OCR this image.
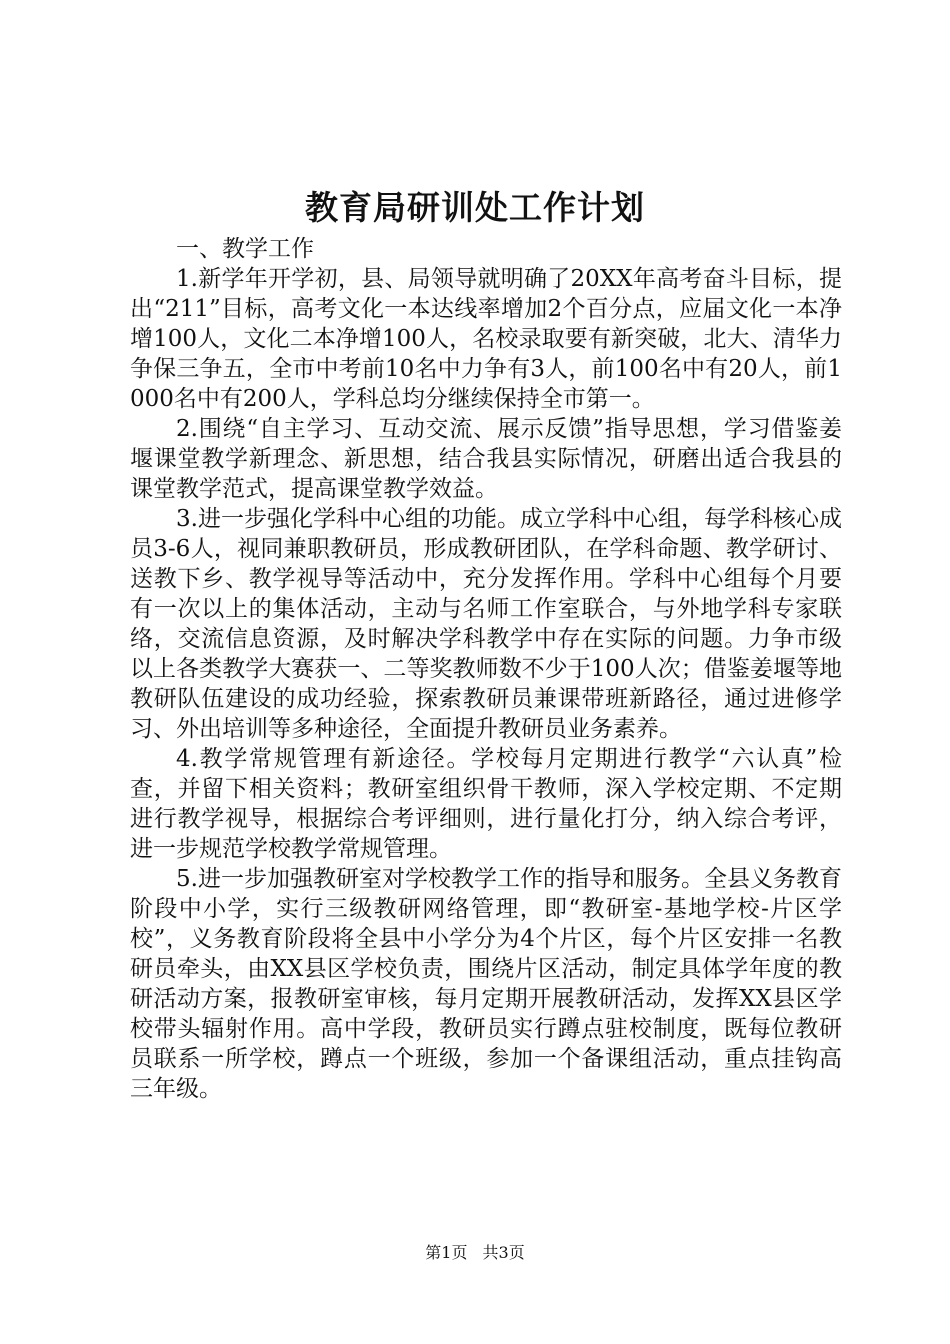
教育局研训处工作计划

一、教学工作

1.新学年开学初，县、局领导就明确了20XX年高考奋斗目标，提出“211”目标，高考文化一本达线率增加2个百分点，应届文化一本净增100人，文化二本净增100人，名校录取要有新突破，北大、清华力争保三争五，全市中考前10名中力争有3人，前100名中有20人，前1000名中有200人，学科总均分继续保持全市第一。

2.围绕“自主学习、互动交流、展示反馈”指导思想，学习借鉴姜堰课堂教学新理念、新思想，结合我县实际情况，研磨出适合我县的课堂教学范式，提高课堂教学效益。

3.进一步强化学科中心组的功能。成立学科中心组，每学科核心成员3-6人，视同兼职教研员，形成教研团队，在学科命题、教学研讨、送教下乡、教学视导等活动中，充分发挥作用。学科中心组每个月要有一次以上的集体活动，主动与名师工作室联合，与外地学科专家联络，交流信息资源，及时解决学科教学中存在实际的问题。力争市级以上各类教学大赛获一、二等奖教师数不少于100人次；借鉴姜堰等地教研队伍建设的成功经验，探索教研员兼课带班新路径，通过进修学习、外出培训等多种途径，全面提升教研员业务素养。

4.教学常规管理有新途径。学校每月定期进行教学“六认真”检查，并留下相关资料；教研室组织骨干教师，深入学校定期、不定期进行教学视导，根据综合考评细则，进行量化打分，纳入综合考评，进一步规范学校教学常规管理。

5.进一步加强教研室对学校教学工作的指导和服务。全县义务教育阶段中小学，实行三级教研网络管理，即“教研室-基地学校-片区学校”，义务教育阶段将全县中小学分为4个片区，每个片区安排一名教研员牵头，由XX县区学校负责，围绕片区活动，制定具体学年度的教研活动方案，报教研室审核，每月定期开展教研活动，发挥XX县区学校带头辐射作用。高中学段，教研员实行蹲点驻校制度，既每位教研员联系一所学校，蹲点一个班级，参加一个备课组活动，重点挂钩高三年级。

第1页 共3页
